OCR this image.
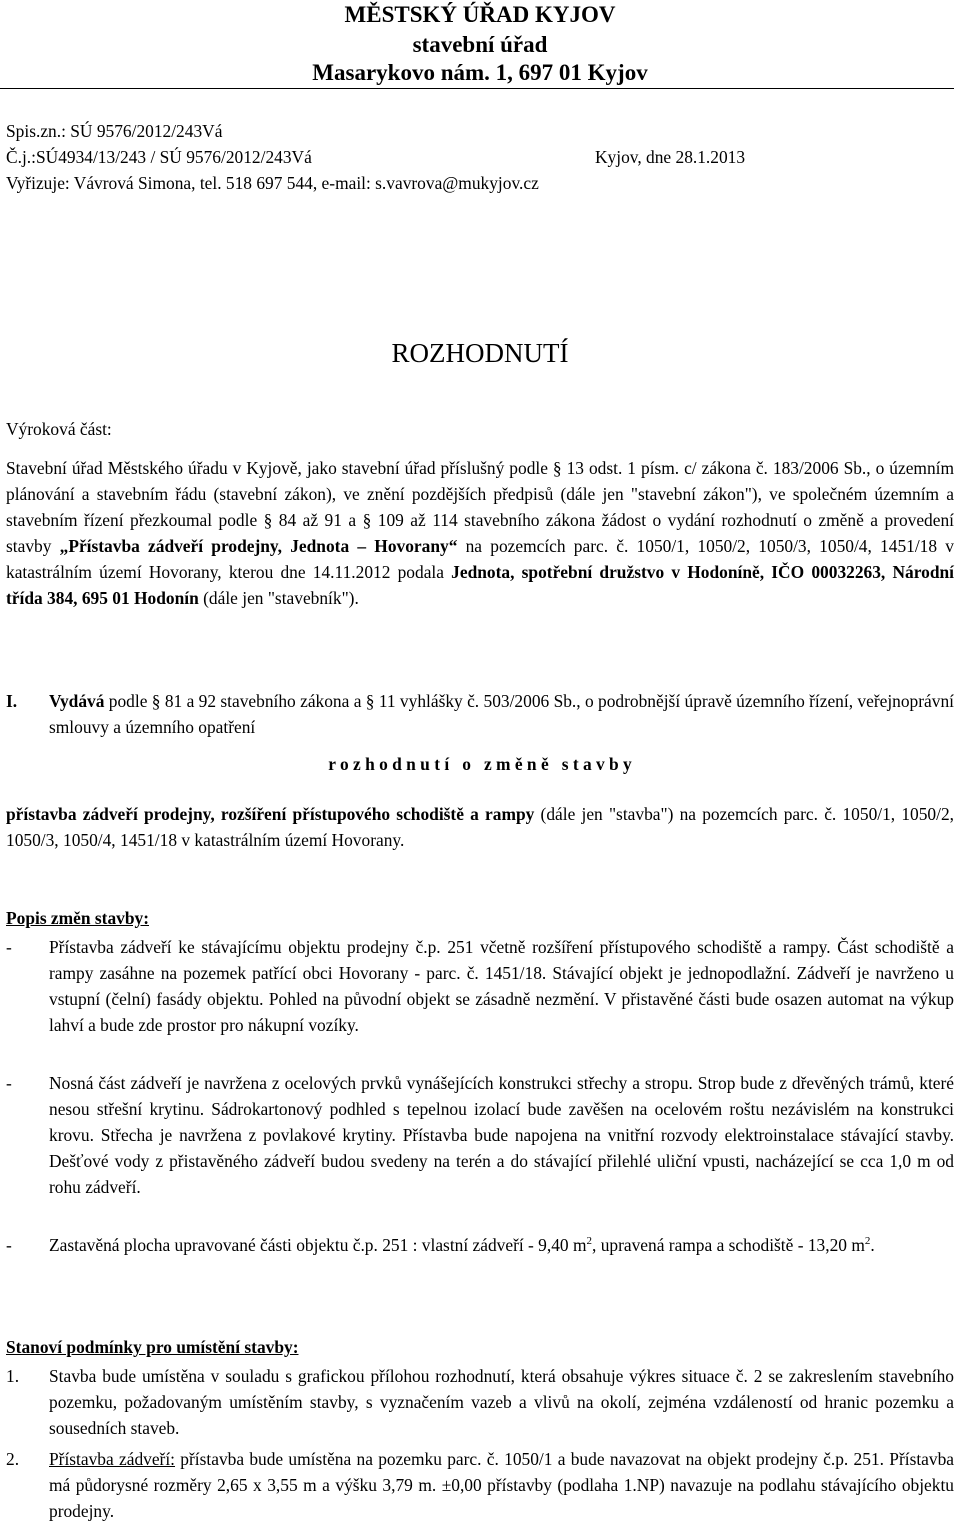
MĚSTSKÝ ÚŘAD KYJOV
stavební úřad
Masarykovo nám. 1, 697 01 Kyjov
Spis.zn.: SÚ 9576/2012/243Vá
Č.j.:SÚ4934/13/243 / SÚ 9576/2012/243Vá	Kyjov, dne 28.1.2013
Vyřizuje: Vávrová Simona, tel. 518 697 544, e-mail: s.vavrova@mukyjov.cz
ROZHODNUTÍ
Výroková část:
Stavební úřad Městského úřadu v Kyjově, jako stavební úřad příslušný podle § 13 odst. 1 písm. c/ zákona č. 183/2006 Sb., o územním plánování a stavebním řádu (stavební zákon), ve znění pozdějších předpisů (dále jen "stavební zákon"), ve společném územním a stavebním řízení přezkoumal podle § 84 až 91 a § 109 až 114 stavebního zákona žádost o vydání rozhodnutí o změně a provedení stavby „Přístavba zádveří prodejny, Jednota – Hovorany“ na pozemcích parc. č. 1050/1, 1050/2, 1050/3, 1050/4, 1451/18 v katastrálním území Hovorany, kterou dne 14.11.2012 podala Jednota, spotřební družstvo v Hodoníně, IČO 00032263, Národní třída 384, 695 01 Hodonín (dále jen "stavebník").
I. Vydává podle § 81 a 92 stavebního zákona a § 11 vyhlášky č. 503/2006 Sb., o podrobnější úpravě územního řízení, veřejnoprávní smlouvy a územního opatření
r o z h o d n u t í   o   z m ě n ě   s t a v b y
přístavba zádveří prodejny, rozšíření přístupového schodiště a rampy (dále jen "stavba") na pozemcích parc. č. 1050/1, 1050/2, 1050/3, 1050/4, 1451/18 v katastrálním území Hovorany.
Popis změn stavby:
- Přístavba zádveří ke stávajícímu objektu prodejny č.p. 251 včetně rozšíření přístupového schodiště a rampy. Část schodiště a rampy zasáhne na pozemek patřící obci Hovorany - parc. č. 1451/18. Stávající objekt je jednopodlažní. Zádveří je navrženo u vstupní (čelní) fasády objektu. Pohled na původní objekt se zásadně nezmění. V přistavěné části bude osazen automat na výkup lahví a bude zde prostor pro nákupní vozíky.
- Nosná část zádveří je navržena z ocelových prvků vynášejících konstrukci střechy a stropu. Strop bude z dřevěných trámů, které nesou střešní krytinu. Sádrokartonový podhled s tepelnou izolací bude zavěšen na ocelovém roštu nezávislém na konstrukci krovu. Střecha je navržena z povlakové krytiny. Přístavba bude napojena na vnitřní rozvody elektroinstalace stávající stavby. Dešťové vody z přistavěného zádveří budou svedeny na terén a do stávající přilehlé uliční vpusti, nacházející se cca 1,0 m od rohu zádveří.
- Zastavěná plocha upravované části objektu č.p. 251 : vlastní zádveří - 9,40 $m^2$, upravená rampa a schodiště - 13,20 $m^2$.
Stanoví podmínky pro umístění stavby:
1. Stavba bude umístěna v souladu s grafickou přílohou rozhodnutí, která obsahuje výkres situace č. 2 se zakreslením stavebního pozemku, požadovaným umístěním stavby, s vyznačením vazeb a vlivů na okolí, zejména vzdáleností od hranic pozemku a sousedních staveb.
2. Přístavba zádveří: přístavba bude umístěna na pozemku parc. č. 1050/1 a bude navazovat na objekt prodejny č.p. 251. Přístavba má půdorysné rozměry 2,65 x 3,55 m a výšku 3,79 m. ±0,00 přístavby (podlaha 1.NP) navazuje na podlahu stávajícího objektu prodejny.
